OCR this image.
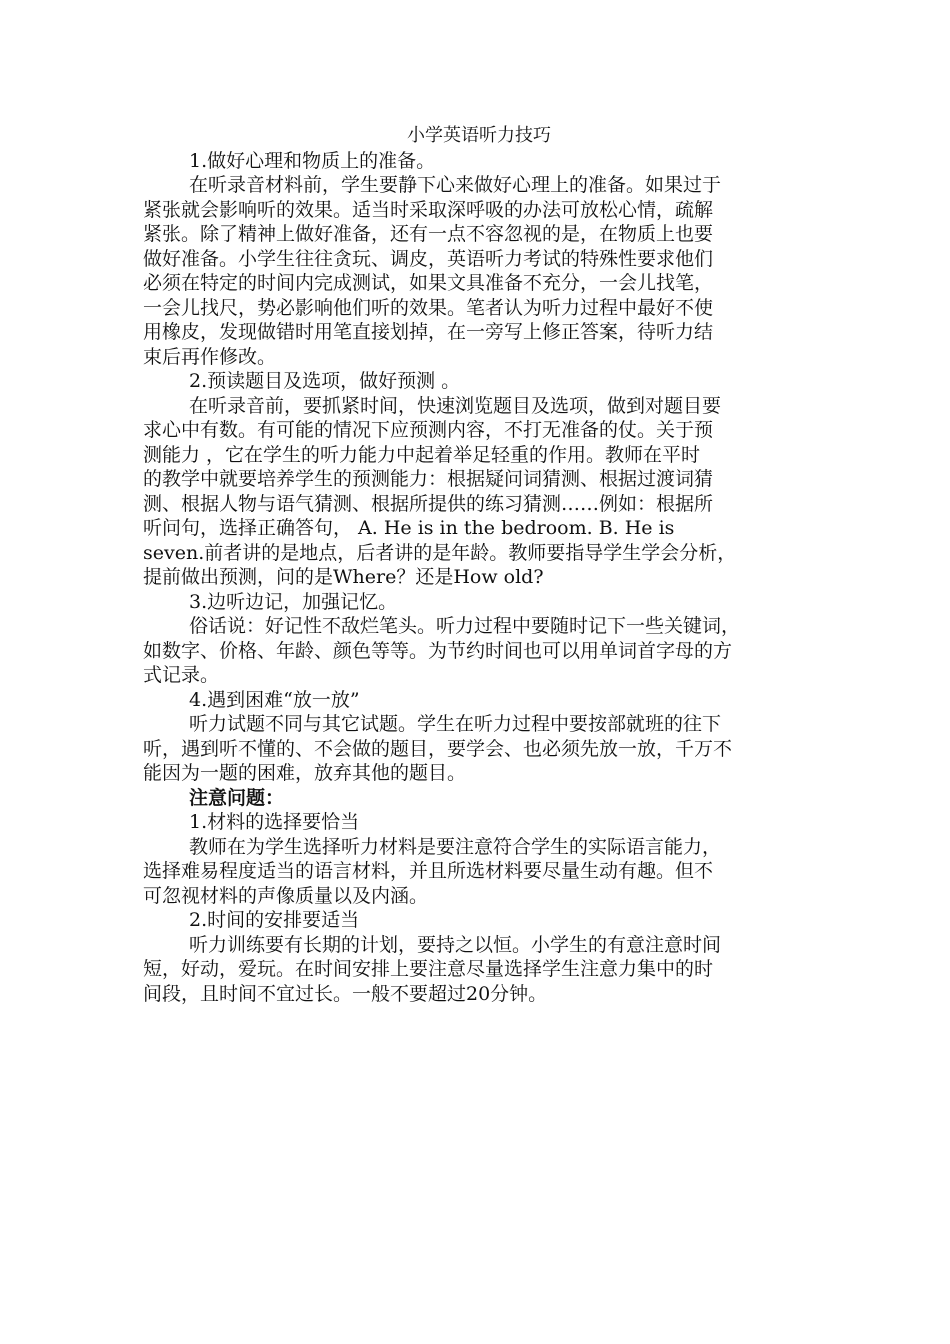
小学英语听力技巧

1.做好心理和物质上的准备。

在听录音材料前，学生要静下心来做好心理上的准备。如果过于

紧张就会影响听的效果。适当时采取深呼吸的办法可放松心情，疏解

紧张。除了精神上做好准备，还有一点不容忽视的是，在物质上也要

做好准备。小学生往往贪玩、调皮，英语听力考试的特殊性要求他们

必须在特定的时间内完成测试，如果文具准备不充分，一会儿找笔，

一会儿找尺，势必影响他们听的效果。笔者认为听力过程中最好不使

用橡皮，发现做错时用笔直接划掉，在一旁写上修正答案，待听力结

束后再作修改。

2.预读题目及选项，做好预测 。

在听录音前，要抓紧时间，快速浏览题目及选项，做到对题目要

求心中有数。有可能的情况下应预测内容，不打无准备的仗。关于预

测能力 ，它在学生的听力能力中起着举足轻重的作用。教师在平时

的教学中就要培养学生的预测能力：根据疑问词猜测、根据过渡词猜

测、根据人物与语气猜测、根据所提供的练习猜测……例如：根据所

听问句，选择正确答句， A. He is in the bedroom. B. He is

seven.前者讲的是地点，后者讲的是年龄。教师要指导学生学会分析，

提前做出预测，问的是Where？还是How old?

3.边听边记，加强记忆。

俗话说：好记性不敌烂笔头。听力过程中要随时记下一些关键词，

如数字、价格、年龄、颜色等等。为节约时间也可以用单词首字母的方

式记录。

4.遇到困难“放一放”

听力试题不同与其它试题。学生在听力过程中要按部就班的往下

听，遇到听不懂的、不会做的题目，要学会、也必须先放一放，千万不

能因为一题的困难，放弃其他的题目。

注意问题：

1.材料的选择要恰当

教师在为学生选择听力材料是要注意符合学生的实际语言能力，

选择难易程度适当的语言材料，并且所选材料要尽量生动有趣。但不

可忽视材料的声像质量以及内涵。

2.时间的安排要适当

听力训练要有长期的计划，要持之以恒。小学生的有意注意时间

短，好动，爱玩。在时间安排上要注意尽量选择学生注意力集中的时

间段，且时间不宜过长。一般不要超过20分钟。
